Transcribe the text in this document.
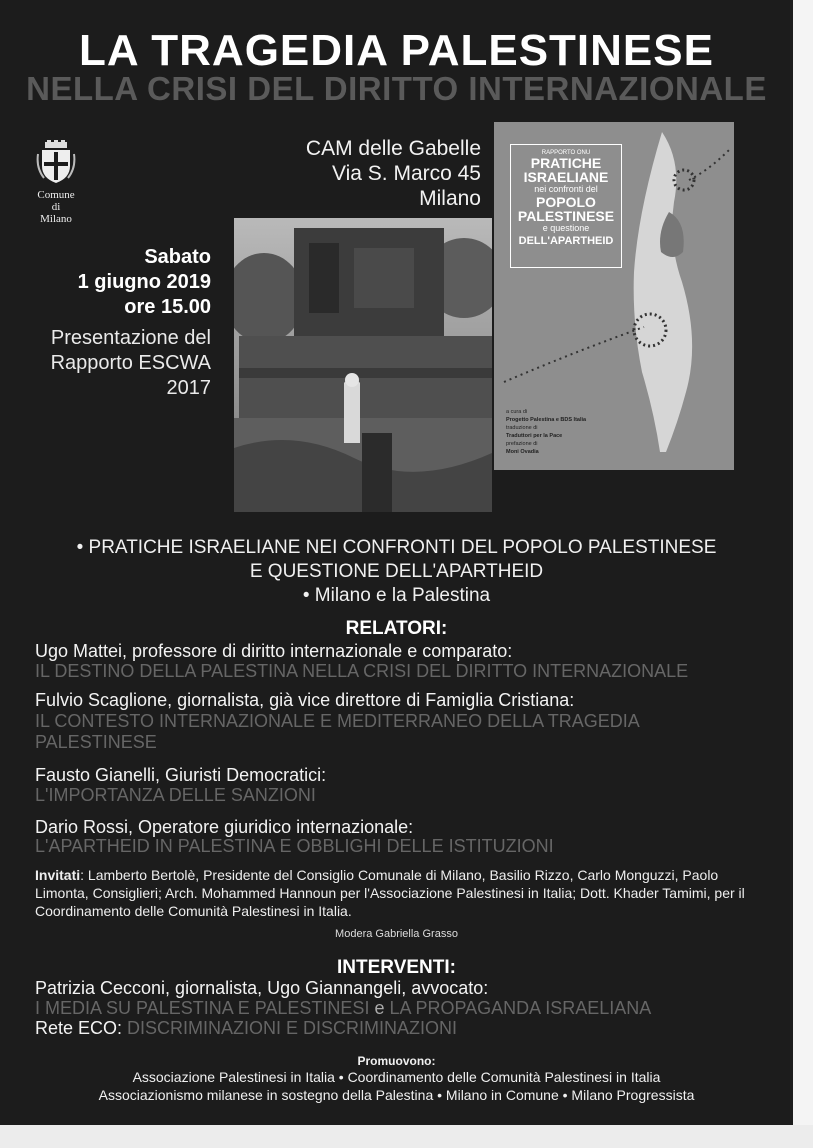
LA TRAGEDIA PALESTINESE
NELLA CRISI DEL DIRITTO INTERNAZIONALE
Comune di
Milano
CAM delle Gabelle
Via S. Marco 45
Milano
Sabato
1 giugno 2019
ore 15.00
Presentazione del
Rapporto ESCWA
2017
RAPPORTO ONU
PRATICHE
ISRAELIANE
nei confronti del
POPOLO
PALESTINESE
e questione
DELL'APARTHEID
a cura di
Progetto Palestina e BDS Italia
traduzione di
Traduttori per la Pace
prefazione di
Moni Ovadia
• PRATICHE ISRAELIANE NEI CONFRONTI DEL POPOLO PALESTINESE
E QUESTIONE DELL'APARTHEID
• Milano e la Palestina
RELATORI:
Ugo Mattei, professore di diritto internazionale e comparato:
IL DESTINO DELLA PALESTINA NELLA CRISI DEL DIRITTO INTERNAZIONALE
Fulvio Scaglione, giornalista, già vice direttore di Famiglia Cristiana:
IL CONTESTO INTERNAZIONALE E MEDITERRANEO DELLA TRAGEDIA PALESTINESE
Fausto Gianelli, Giuristi Democratici:
L'IMPORTANZA DELLE SANZIONI
Dario Rossi, Operatore giuridico internazionale:
L'APARTHEID IN PALESTINA E OBBLIGHI DELLE ISTITUZIONI
Invitati: Lamberto Bertolè, Presidente del Consiglio Comunale di Milano, Basilio Rizzo, Carlo Monguzzi, Paolo Limonta, Consiglieri; Arch. Mohammed Hannoun per l'Associazione Palestinesi in Italia; Dott. Khader Tamimi, per il Coordinamento delle Comunità Palestinesi in Italia.
Modera Gabriella Grasso
INTERVENTI:
Patrizia Cecconi, giornalista, Ugo Giannangeli, avvocato:
I MEDIA SU PALESTINA E PALESTINESI e LA PROPAGANDA ISRAELIANA
Rete ECO: DISCRIMINAZIONI E DISCRIMINAZIONI
Promuovono:
Associazione Palestinesi in Italia • Coordinamento delle Comunità Palestinesi in Italia
Associazionismo milanese in sostegno della Palestina • Milano in Comune • Milano Progressista
